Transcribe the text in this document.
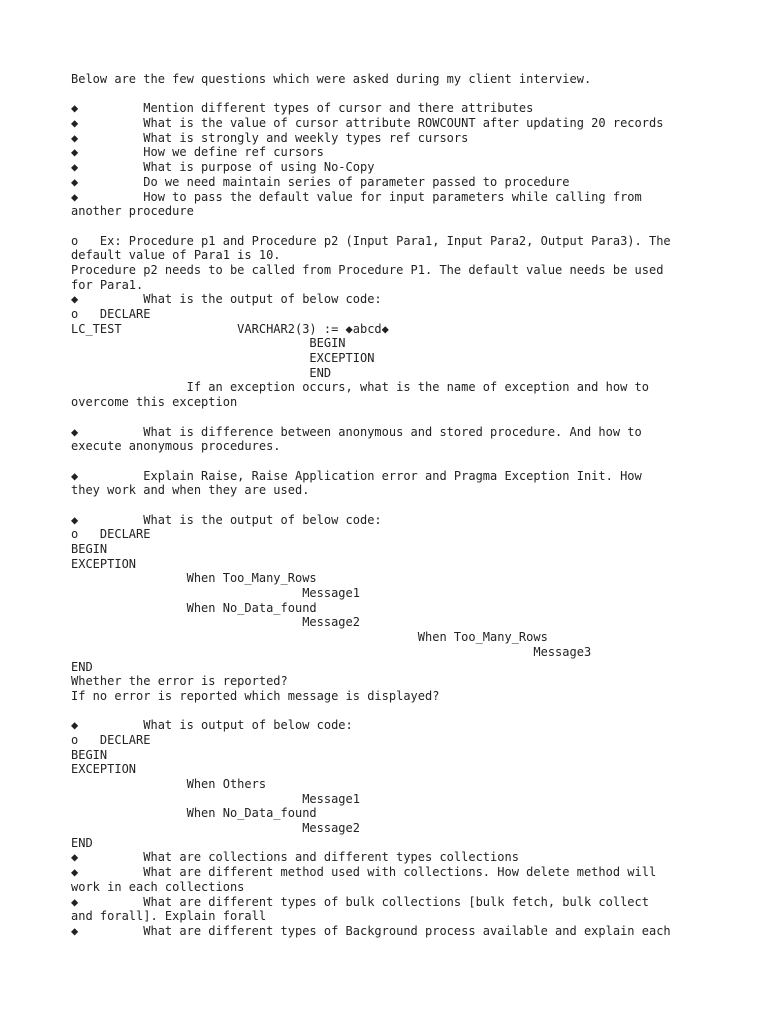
Below are the few questions which were asked during my client interview.
◆         Mention different types of cursor and there attributes
◆         What is the value of cursor attribute ROWCOUNT after updating 20 records
◆         What is strongly and weekly types ref cursors
◆         How we define ref cursors
◆         What is purpose of using No-Copy
◆         Do we need maintain series of parameter passed to procedure
◆         How to pass the default value for input parameters while calling from
another procedure
o   Ex: Procedure p1 and Procedure p2 (Input Para1, Input Para2, Output Para3). The
default value of Para1 is 10.
Procedure p2 needs to be called from Procedure P1. The default value needs be used
for Para1.
◆         What is the output of below code:
o   DECLARE
LC_TEST                VARCHAR2(3) := ◆abcd◆
BEGIN
EXCEPTION
END
If an exception occurs, what is the name of exception and how to
overcome this exception
◆         What is difference between anonymous and stored procedure. And how to
execute anonymous procedures.
◆         Explain Raise, Raise Application error and Pragma Exception Init. How
they work and when they are used.
◆         What is the output of below code:
o   DECLARE
BEGIN
EXCEPTION
When Too_Many_Rows
Message1
When No_Data_found
Message2
When Too_Many_Rows
Message3
END
Whether the error is reported?
If no error is reported which message is displayed?
◆         What is output of below code:
o   DECLARE
BEGIN
EXCEPTION
When Others
Message1
When No_Data_found
Message2
END
◆         What are collections and different types collections
◆         What are different method used with collections. How delete method will
work in each collections
◆         What are different types of bulk collections [bulk fetch, bulk collect
and forall]. Explain forall
◆         What are different types of Background process available and explain each
